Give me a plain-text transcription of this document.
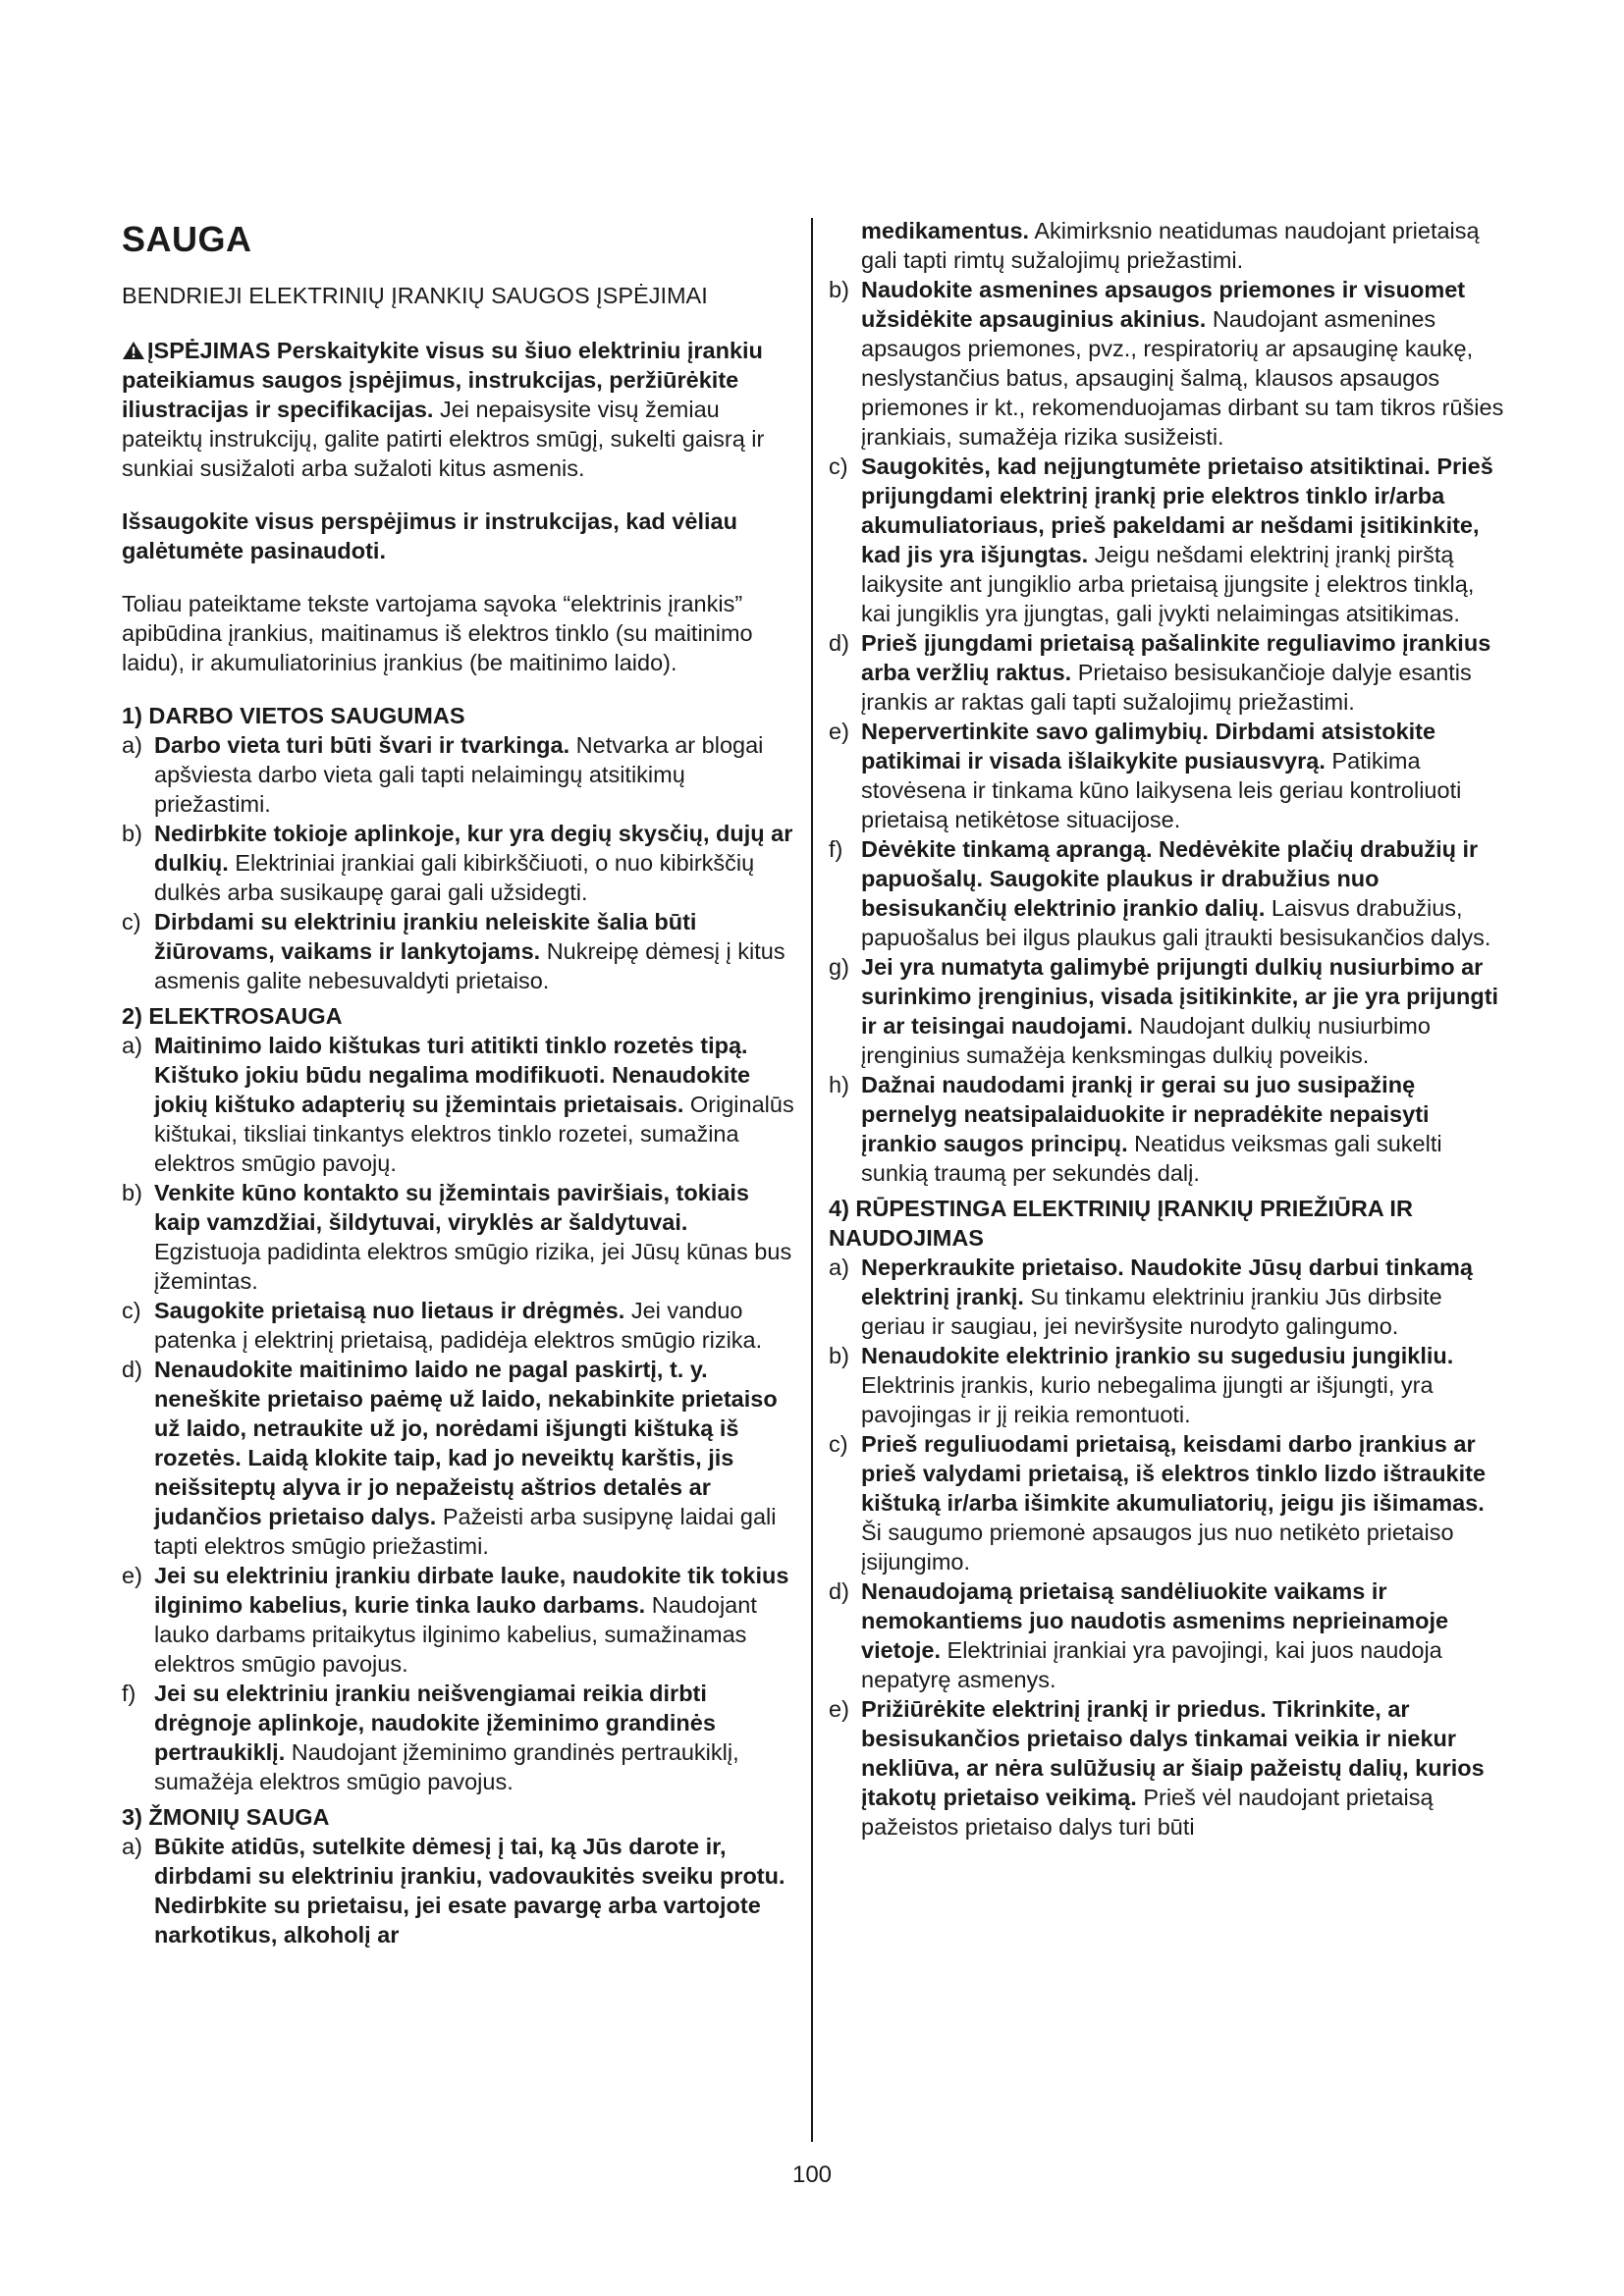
SAUGA
BENDRIEJI ELEKTRINIŲ ĮRANKIŲ SAUGOS ĮSPĖJIMAI

ĮSPĖJIMAS Perskaitykite visus su šiuo elektriniu įrankiu pateikiamus saugos įspėjimus, instrukcijas, peržiūrėkite iliustracijas ir specifikacijas. Jei nepaisysite visų žemiau pateiktų instrukcijų, galite patirti elektros smūgį, sukelti gaisrą ir sunkiai susižaloti arba sužaloti kitus asmenis.

Išsaugokite visus perspėjimus ir instrukcijas, kad vėliau galėtumėte pasinaudoti.

Toliau pateiktame tekste vartojama sąvoka “elektrinis įrankis” apibūdina įrankius, maitinamus iš elektros tinklo (su maitinimo laidu), ir akumuliatorinius įrankius (be maitinimo laido).

1) DARBO VIETOS SAUGUMAS
a) Darbo vieta turi būti švari ir tvarkinga. Netvarka ar blogai apšviesta darbo vieta gali tapti nelaimingų atsitikimų priežastimi.
b) Nedirbkite tokioje aplinkoje, kur yra degių skysčių, dujų ar dulkių. Elektriniai įrankiai gali kibirkščiuoti, o nuo kibirkščių dulkės arba susikaupę garai gali užsidegti.
c) Dirbdami su elektriniu įrankiu neleiskite šalia būti žiūrovams, vaikams ir lankytojams. Nukreipę dėmesį į kitus asmenis galite nebesuvaldyti prietaiso.
2) ELEKTROSAUGA
a) Maitinimo laido kištukas turi atitikti tinklo rozetės tipą. Kištuko jokiu būdu negalima modifikuoti. Nenaudokite jokių kištuko adapterių su įžemintais prietaisais. Originalūs kištukai, tiksliai tinkantys elektros tinklo rozetei, sumažina elektros smūgio pavojų.
b) Venkite kūno kontakto su įžemintais paviršiais, tokiais kaip vamzdžiai, šildytuvai, viryklės ar šaldytuvai. Egzistuoja padidinta elektros smūgio rizika, jei Jūsų kūnas bus įžemintas.
c) Saugokite prietaisą nuo lietaus ir drėgmės. Jei vanduo patenka į elektrinį prietaisą, padidėja elektros smūgio rizika.
d) Nenaudokite maitinimo laido ne pagal paskirtį, t. y. neneškite prietaiso paėmę už laido, nekabinkite prietaiso už laido, netraukite už jo, norėdami išjungti kištuką iš rozetės. Laidą klokite taip, kad jo neveiktų karštis, jis neišsiteptų alyva ir jo nepažeistų aštrios detalės ar judančios prietaiso dalys. Pažeisti arba susipynę laidai gali tapti elektros smūgio priežastimi.
e) Jei su elektriniu įrankiu dirbate lauke, naudokite tik tokius ilginimo kabelius, kurie tinka lauko darbams. Naudojant lauko darbams pritaikytus ilginimo kabelius, sumažinamas elektros smūgio pavojus.
f) Jei su elektriniu įrankiu neišvengiamai reikia dirbti drėgnoje aplinkoje, naudokite įžeminimo grandinės pertraukiklį. Naudojant įžeminimo grandinės pertraukiklį, sumažėja elektros smūgio pavojus.
3) ŽMONIŲ SAUGA
a) Būkite atidūs, sutelkite dėmesį į tai, ką Jūs darote ir, dirbdami su elektriniu įrankiu, vadovaukitės sveiku protu. Nedirbkite su prietaisu, jei esate pavargę arba vartojote narkotikus, alkoholį ar

medikamentus. Akimirksnio neatidumas naudojant prietaisą gali tapti rimtų sužalojimų priežastimi.

b) Naudokite asmenines apsaugos priemones ir visuomet užsidėkite apsauginius akinius. Naudojant asmenines apsaugos priemones, pvz., respiratorių ar apsauginę kaukę, neslystančius batus, apsauginį šalmą, klausos apsaugos priemones ir kt., rekomenduojamas dirbant su tam tikros rūšies įrankiais, sumažėja rizika susižeisti.
c) Saugokitės, kad neįjungtumėte prietaiso atsitiktinai. Prieš prijungdami elektrinį įrankį prie elektros tinklo ir/arba akumuliatoriaus, prieš pakeldami ar nešdami įsitikinkite, kad jis yra išjungtas. Jeigu nešdami elektrinį įrankį pirštą laikysite ant jungiklio arba prietaisą įjungsite į elektros tinklą, kai jungiklis yra įjungtas, gali įvykti nelaimingas atsitikimas.
d) Prieš įjungdami prietaisą pašalinkite reguliavimo įrankius arba veržlių raktus. Prietaiso besisukančioje dalyje esantis įrankis ar raktas gali tapti sužalojimų priežastimi.
e) Nepervertinkite savo galimybių. Dirbdami atsistokite patikimai ir visada išlaikykite pusiausvyrą. Patikima stovėsena ir tinkama kūno laikysena leis geriau kontroliuoti prietaisą netikėtose situacijose.
f) Dėvėkite tinkamą aprangą. Nedėvėkite plačių drabužių ir papuošalų. Saugokite plaukus ir drabužius nuo besisukančių elektrinio įrankio dalių. Laisvus drabužius, papuošalus bei ilgus plaukus gali įtraukti besisukančios dalys.
g) Jei yra numatyta galimybė prijungti dulkių nusiurbimo ar surinkimo įrenginius, visada įsitikinkite, ar jie yra prijungti ir ar teisingai naudojami. Naudojant dulkių nusiurbimo įrenginius sumažėja kenksmingas dulkių poveikis.
h) Dažnai naudodami įrankį ir gerai su juo susipažinę pernelyg neatsipalaiduokite ir nepradėkite nepaisyti įrankio saugos principų. Neatidus veiksmas gali sukelti sunkią traumą per sekundės dalį.
4) RŪPESTINGA ELEKTRINIŲ ĮRANKIŲ PRIEŽIŪRA IR NAUDOJIMAS
a) Neperkraukite prietaiso. Naudokite Jūsų darbui tinkamą elektrinį įrankį. Su tinkamu elektriniu įrankiu Jūs dirbsite geriau ir saugiau, jei neviršysite nurodyto galingumo.
b) Nenaudokite elektrinio įrankio su sugedusiu jungikliu. Elektrinis įrankis, kurio nebegalima įjungti ar išjungti, yra pavojingas ir jį reikia remontuoti.
c) Prieš reguliuodami prietaisą, keisdami darbo įrankius ar prieš valydami prietaisą, iš elektros tinklo lizdo ištraukite kištuką ir/arba išimkite akumuliatorių, jeigu jis išimamas. Ši saugumo priemonė apsaugos jus nuo netikėto prietaiso įsijungimo.
d) Nenaudojamą prietaisą sandėliuokite vaikams ir nemokantiems juo naudotis asmenims neprieinamoje vietoje. Elektriniai įrankiai yra pavojingi, kai juos naudoja nepatyrę asmenys.
e) Prižiūrėkite elektrinį įrankį ir priedus. Tikrinkite, ar besisukančios prietaiso dalys tinkamai veikia ir niekur nekliūva, ar nėra sulūžusių ar šiaip pažeistų dalių, kurios įtakotų prietaiso veikimą. Prieš vėl naudojant prietaisą pažeistos prietaiso dalys turi būti
100
